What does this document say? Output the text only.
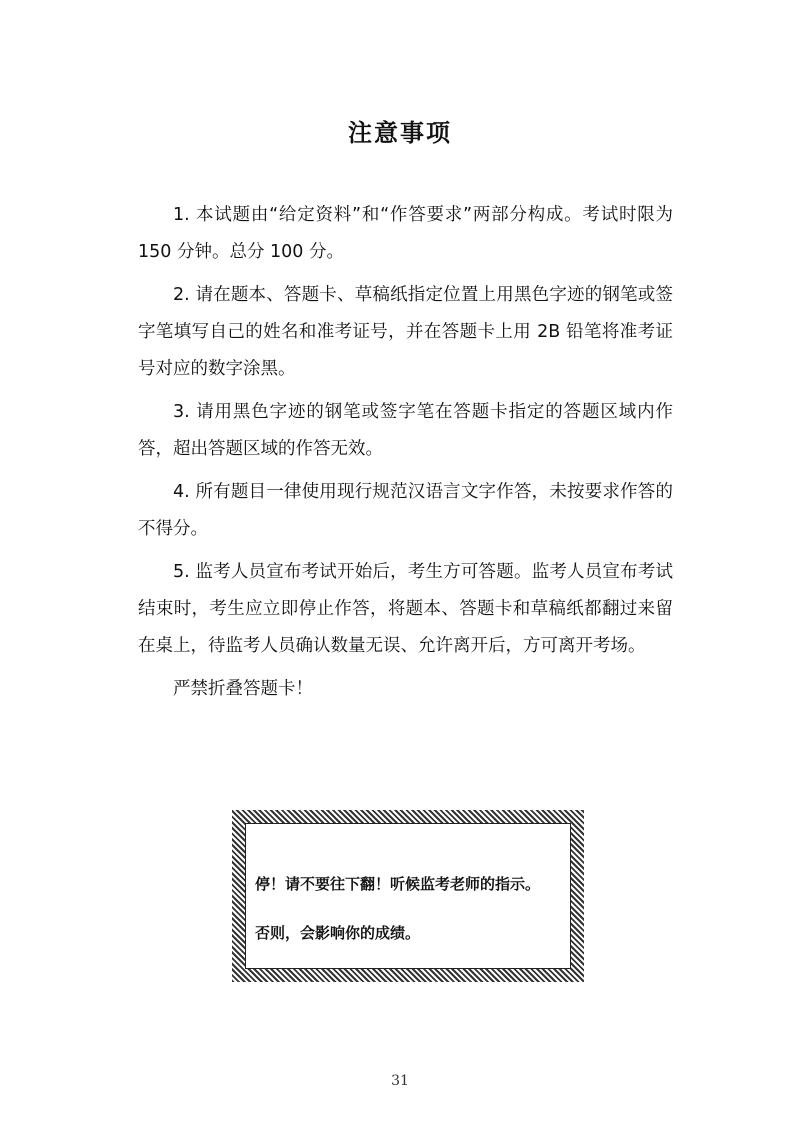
注意事项

1. 本试题由“给定资料”和“作答要求”两部分构成。考试时限为 150 分钟。总分 100 分。

2. 请在题本、答题卡、草稿纸指定位置上用黑色字迹的钢笔或签字笔填写自己的姓名和准考证号，并在答题卡上用 2B 铅笔将准考证号对应的数字涂黑。

3. 请用黑色字迹的钢笔或签字笔在答题卡指定的答题区域内作答，超出答题区域的作答无效。

4. 所有题目一律使用现行规范汉语言文字作答，未按要求作答的不得分。

5. 监考人员宣布考试开始后，考生方可答题。监考人员宣布考试结束时，考生应立即停止作答，将题本、答题卡和草稿纸都翻过来留在桌上，待监考人员确认数量无误、允许离开后，方可离开考场。

严禁折叠答题卡！

停！请不要往下翻！听候监考老师的指示。
否则，会影响你的成绩。
31
